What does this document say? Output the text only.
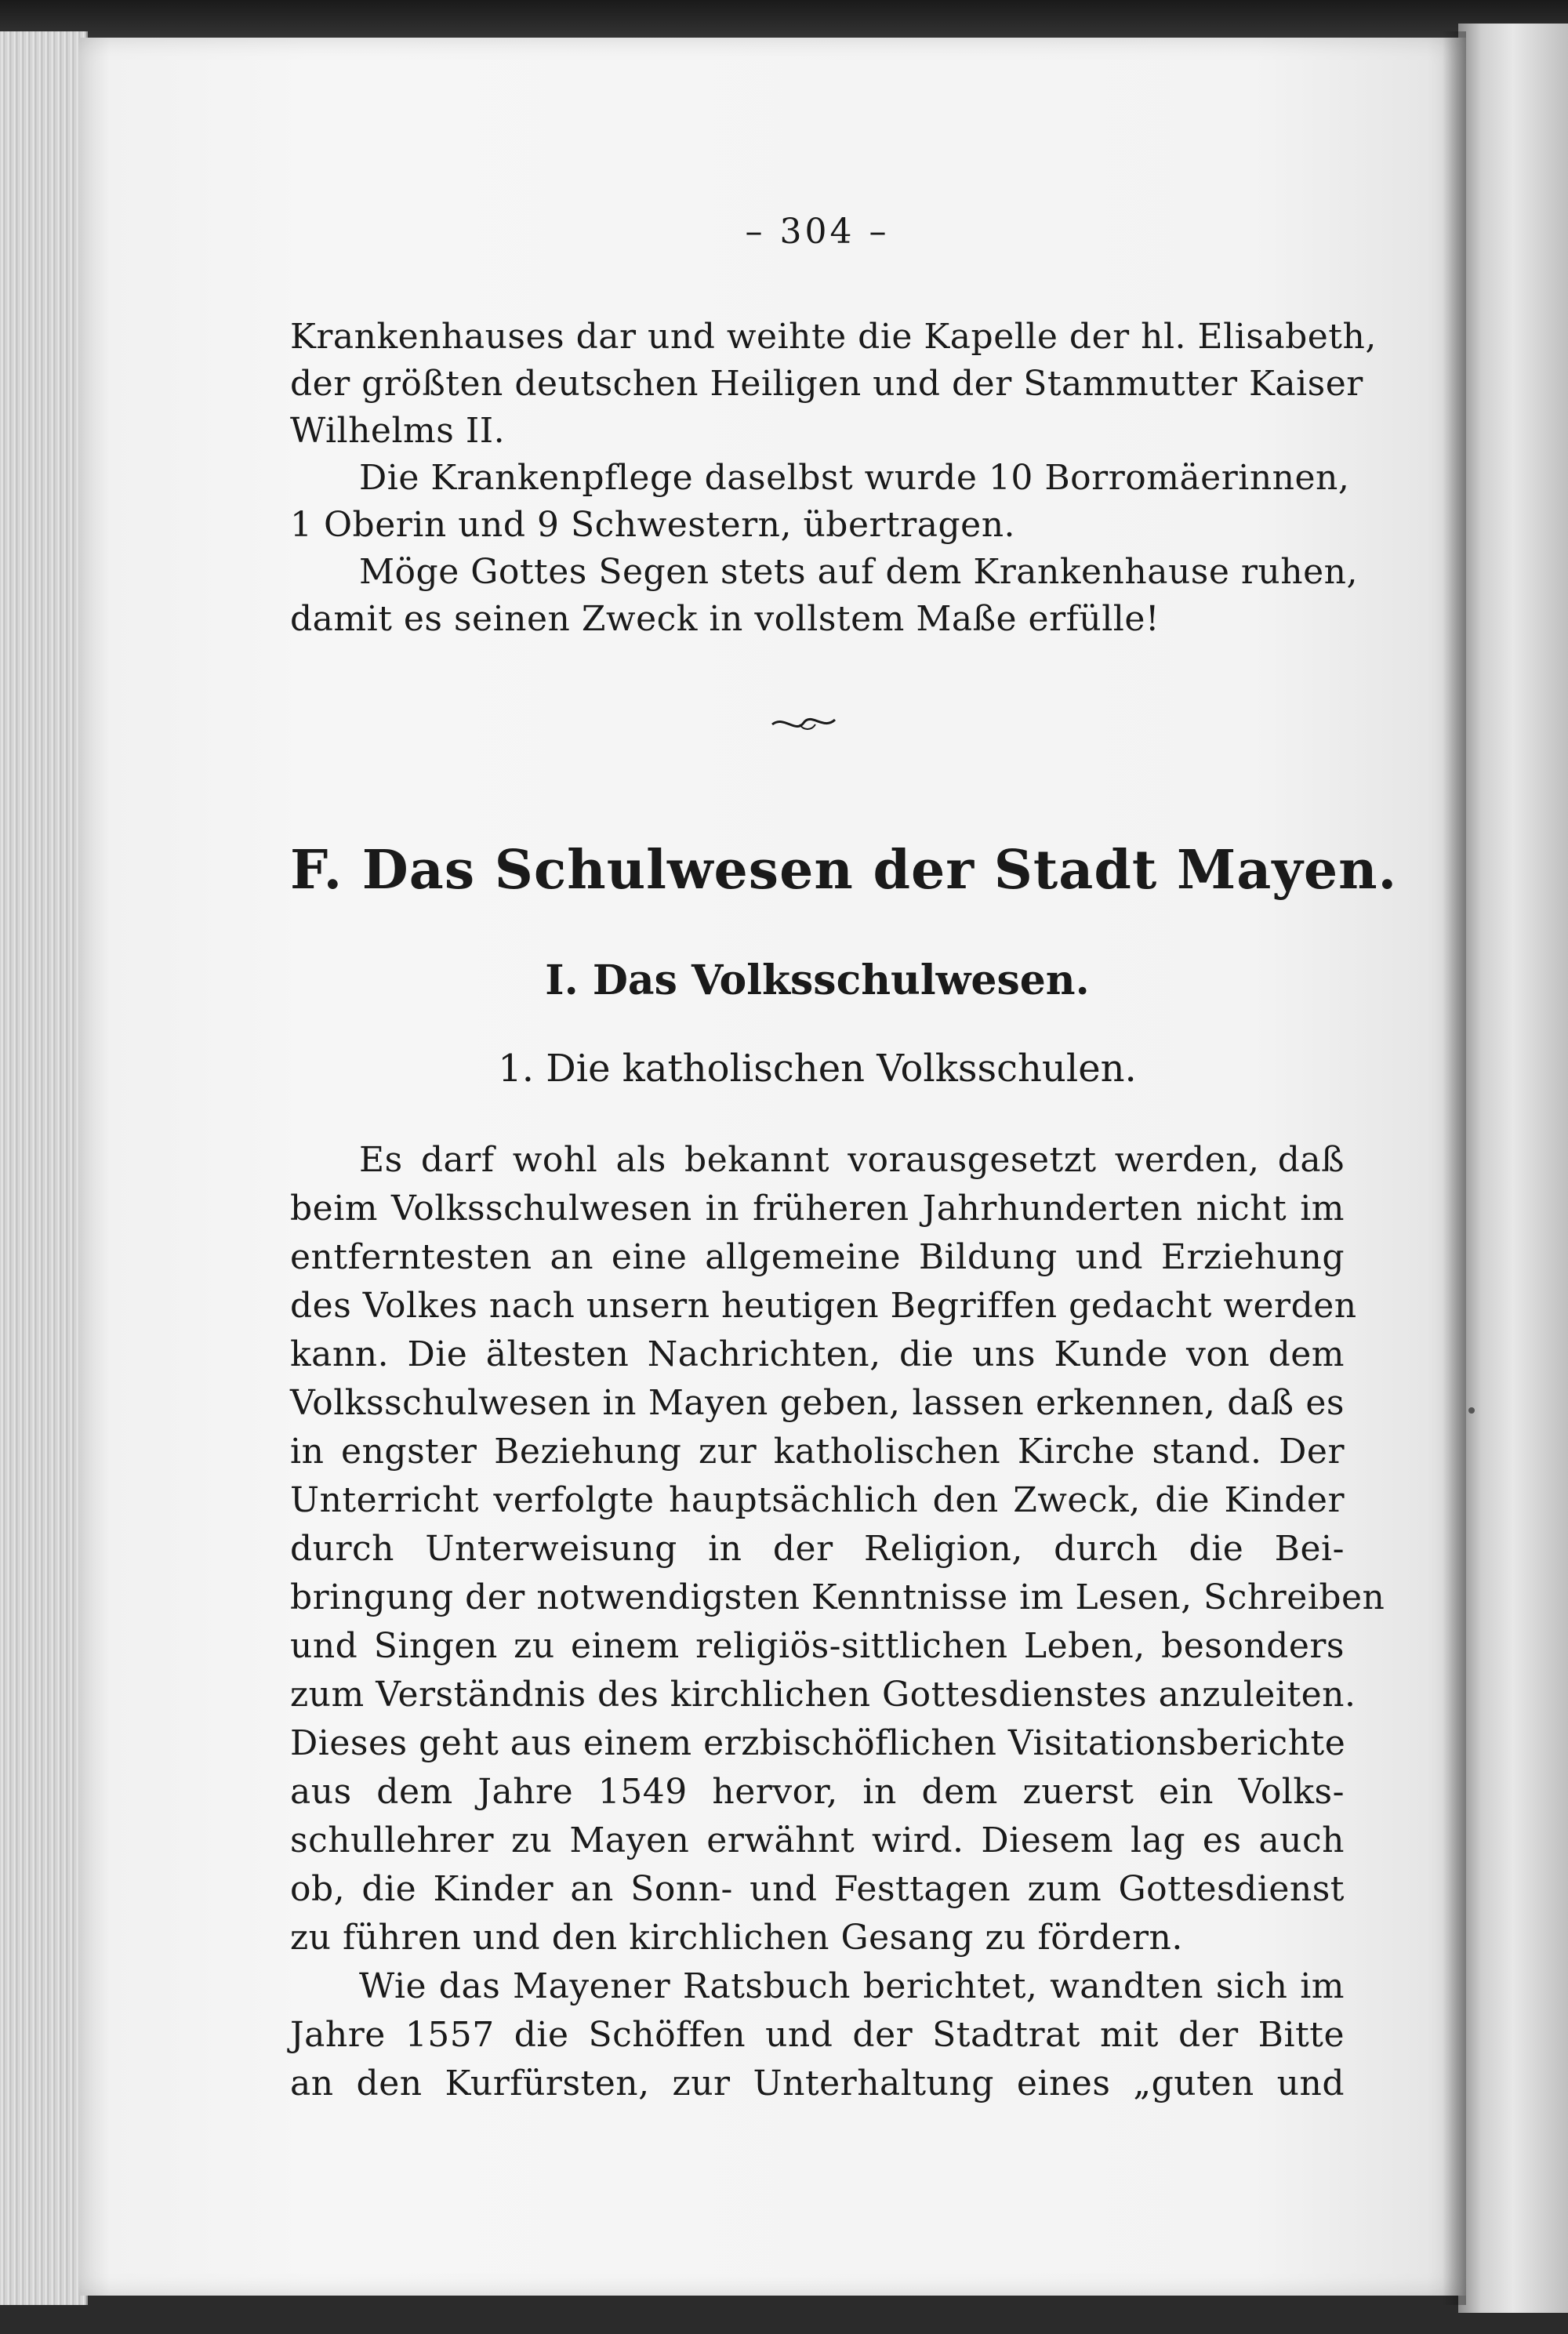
– 304 –
Krankenhauses dar und weihte die Kapelle der hl. Elisabeth,
der größten deutschen Heiligen und der Stammutter Kaiser
Wilhelms II.
Die Krankenpflege daselbst wurde 10 Borromäerinnen,
1 Oberin und 9 Schwestern, übertragen.
Möge Gottes Segen stets auf dem Krankenhause ruhen,
damit es seinen Zweck in vollstem Maße erfülle!
F. Das Schulwesen der Stadt Mayen.
I. Das Volksschulwesen.
1. Die katholischen Volksschulen.
Es darf wohl als bekannt vorausgesetzt werden, daß
beim Volksschulwesen in früheren Jahrhunderten nicht im
entferntesten an eine allgemeine Bildung und Erziehung
des Volkes nach unsern heutigen Begriffen gedacht werden
kann. Die ältesten Nachrichten, die uns Kunde von dem
Volksschulwesen in Mayen geben, lassen erkennen, daß es
in engster Beziehung zur katholischen Kirche stand. Der
Unterricht verfolgte hauptsächlich den Zweck, die Kinder
durch Unterweisung in der Religion, durch die Bei-
bringung der notwendigsten Kenntnisse im Lesen, Schreiben
und Singen zu einem religiös-sittlichen Leben, besonders
zum Verständnis des kirchlichen Gottesdienstes anzuleiten.
Dieses geht aus einem erzbischöflichen Visitationsberichte
aus dem Jahre 1549 hervor, in dem zuerst ein Volks-
schullehrer zu Mayen erwähnt wird. Diesem lag es auch
ob, die Kinder an Sonn- und Festtagen zum Gottesdienst
zu führen und den kirchlichen Gesang zu fördern.
Wie das Mayener Ratsbuch berichtet, wandten sich im
Jahre 1557 die Schöffen und der Stadtrat mit der Bitte
an den Kurfürsten, zur Unterhaltung eines „guten und
